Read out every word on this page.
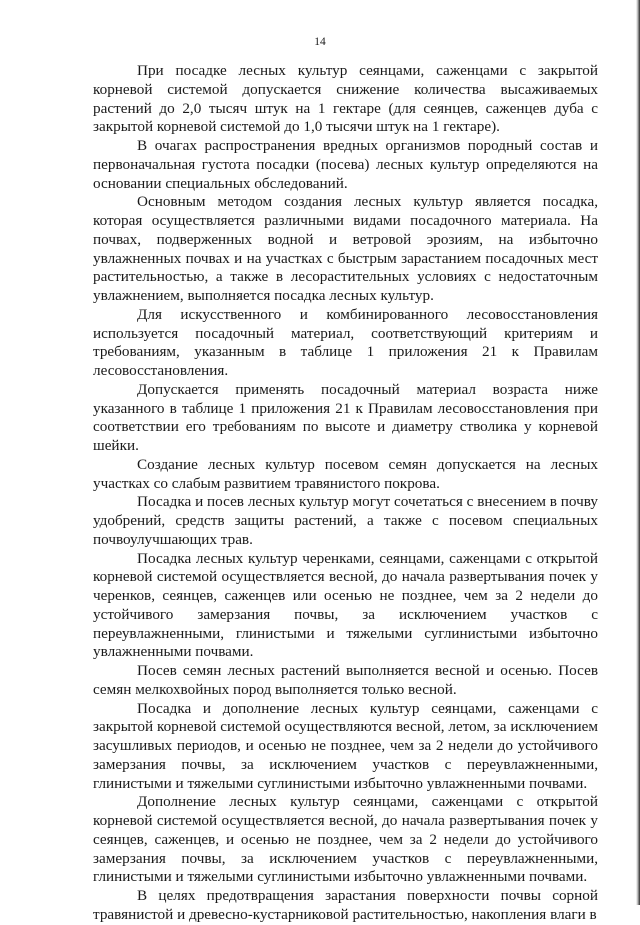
14

При посадке лесных культур сеянцами, саженцами с закрытой корневой системой допускается снижение количества высаживаемых растений до 2,0 тысяч штук на 1 гектаре (для сеянцев, саженцев дуба с закрытой корневой системой до 1,0 тысячи штук на 1 гектаре).

В очагах распространения вредных организмов породный состав и первоначальная густота посадки (посева) лесных культур определяются на основании специальных обследований.

Основным методом создания лесных культур является посадка, которая осуществляется различными видами посадочного материала. На почвах, подверженных водной и ветровой эрозиям, на избыточно увлажненных почвах и на участках с быстрым зарастанием посадочных мест растительностью, а также в лесорастительных условиях с недостаточным увлажнением, выполняется посадка лесных культур.

Для искусственного и комбинированного лесовосстановления используется посадочный материал, соответствующий критериям и требованиям, указанным в таблице 1 приложения 21 к Правилам лесовосстановления.

Допускается применять посадочный материал возраста ниже указанного в таблице 1 приложения 21 к Правилам лесовосстановления при соответствии его требованиям по высоте и диаметру стволика у корневой шейки.

Создание лесных культур посевом семян допускается на лесных участках со слабым развитием травянистого покрова.

Посадка и посев лесных культур могут сочетаться с внесением в почву удобрений, средств защиты растений, а также с посевом специальных почвоулучшающих трав.

Посадка лесных культур черенками, сеянцами, саженцами с открытой корневой системой осуществляется весной, до начала развертывания почек у черенков, сеянцев, саженцев или осенью не позднее, чем за 2 недели до устойчивого замерзания почвы, за исключением участков с переувлажненными, глинистыми и тяжелыми суглинистыми избыточно увлажненными почвами.

Посев семян лесных растений выполняется весной и осенью. Посев семян мелкохвойных пород выполняется только весной.

Посадка и дополнение лесных культур сеянцами, саженцами с закрытой корневой системой осуществляются весной, летом, за исключением засушливых периодов, и осенью не позднее, чем за 2 недели до устойчивого замерзания почвы, за исключением участков с переувлажненными, глинистыми и тяжелыми суглинистыми избыточно увлажненными почвами.

Дополнение лесных культур сеянцами, саженцами с открытой корневой системой осуществляется весной, до начала развертывания почек у сеянцев, саженцев, и осенью не позднее, чем за 2 недели до устойчивого замерзания почвы, за исключением участков с переувлажненными, глинистыми и тяжелыми суглинистыми избыточно увлажненными почвами.

В целях предотвращения зарастания поверхности почвы сорной травянистой и древесно-кустарниковой растительностью, накопления влаги в
